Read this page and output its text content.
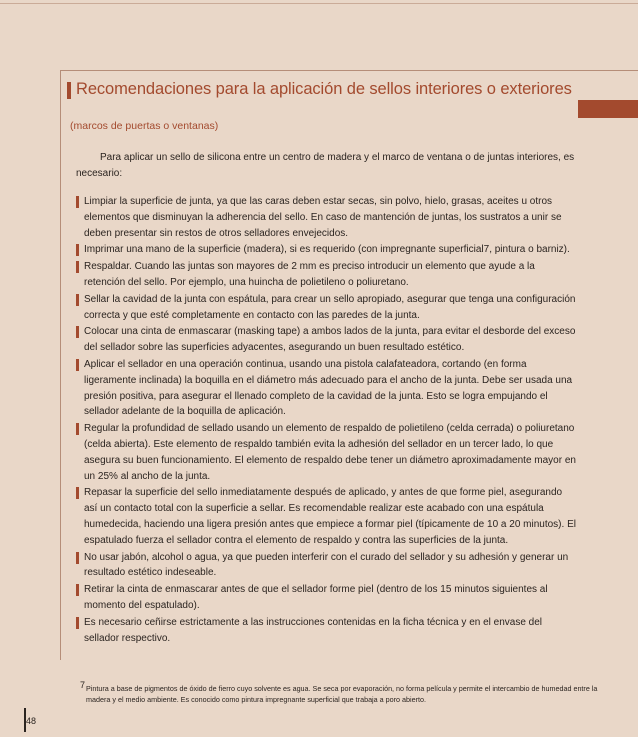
Recomendaciones para la aplicación de sellos interiores o exteriores
(marcos de puertas o ventanas)

Para aplicar un sello de silicona entre un centro de madera y el marco de ventana o de juntas interiores, es necesario:

Limpiar la superficie de junta, ya que las caras deben estar secas, sin polvo, hielo, grasas, aceites u otros elementos que disminuyan la adherencia del sello. En caso de mantención de juntas, los sustratos a unir se deben presentar sin restos de otros selladores envejecidos.
Imprimar una mano de la superficie (madera), si es requerido (con impregnante superficial7, pintura o barniz).
Respaldar. Cuando las juntas son mayores de 2 mm es preciso introducir un elemento que ayude a la retención del sello. Por ejemplo, una huincha de polietileno o poliuretano.
Sellar la cavidad de la junta con espátula, para crear un sello apropiado, asegurar que tenga una configuración correcta y que esté completamente en contacto con las paredes de la junta.
Colocar una cinta de enmascarar (masking tape) a ambos lados de la junta, para evitar el desborde del exceso del sellador sobre las superficies adyacentes, asegurando un buen resultado estético.
Aplicar el sellador en una operación continua, usando una pistola calafateadora, cortando (en forma ligeramente inclinada) la boquilla en el diámetro más adecuado para el ancho de la junta. Debe ser usada una presión positiva, para asegurar el llenado completo de la cavidad de la junta. Esto se logra empujando el sellador adelante de la boquilla de aplicación.
Regular la profundidad de sellado usando un elemento de respaldo de polietileno (celda cerrada) o poliuretano (celda abierta). Este elemento de respaldo también evita la adhesión del sellador en un tercer lado, lo que asegura su buen funcionamiento. El elemento de respaldo debe tener un diámetro aproximadamente mayor en un 25% al ancho de la junta.
Repasar la superficie del sello inmediatamente después de aplicado, y antes de que forme piel, asegurando así un contacto total con la superficie a sellar. Es recomendable realizar este acabado con una espátula humedecida, haciendo una ligera presión antes que empiece a formar piel (típicamente de 10 a 20 minutos). El espatulado fuerza el sellador contra el elemento de respaldo y contra las superficies de la junta.
No usar jabón, alcohol o agua, ya que pueden interferir con el curado del sellador y su adhesión y generar un resultado estético indeseable.
Retirar la cinta de enmascarar antes de que el sellador forme piel (dentro de los 15 minutos siguientes al momento del espatulado).
Es necesario ceñirse estrictamente a las instrucciones contenidas en la ficha técnica y en el envase del sellador respectivo.
7 Pintura a base de pigmentos de óxido de fierro cuyo solvente es agua. Se seca por evaporación, no forma película y permite el intercambio de humedad entre la madera y el medio ambiente. Es conocido como pintura impregnante superficial que trabaja a poro abierto.
48
